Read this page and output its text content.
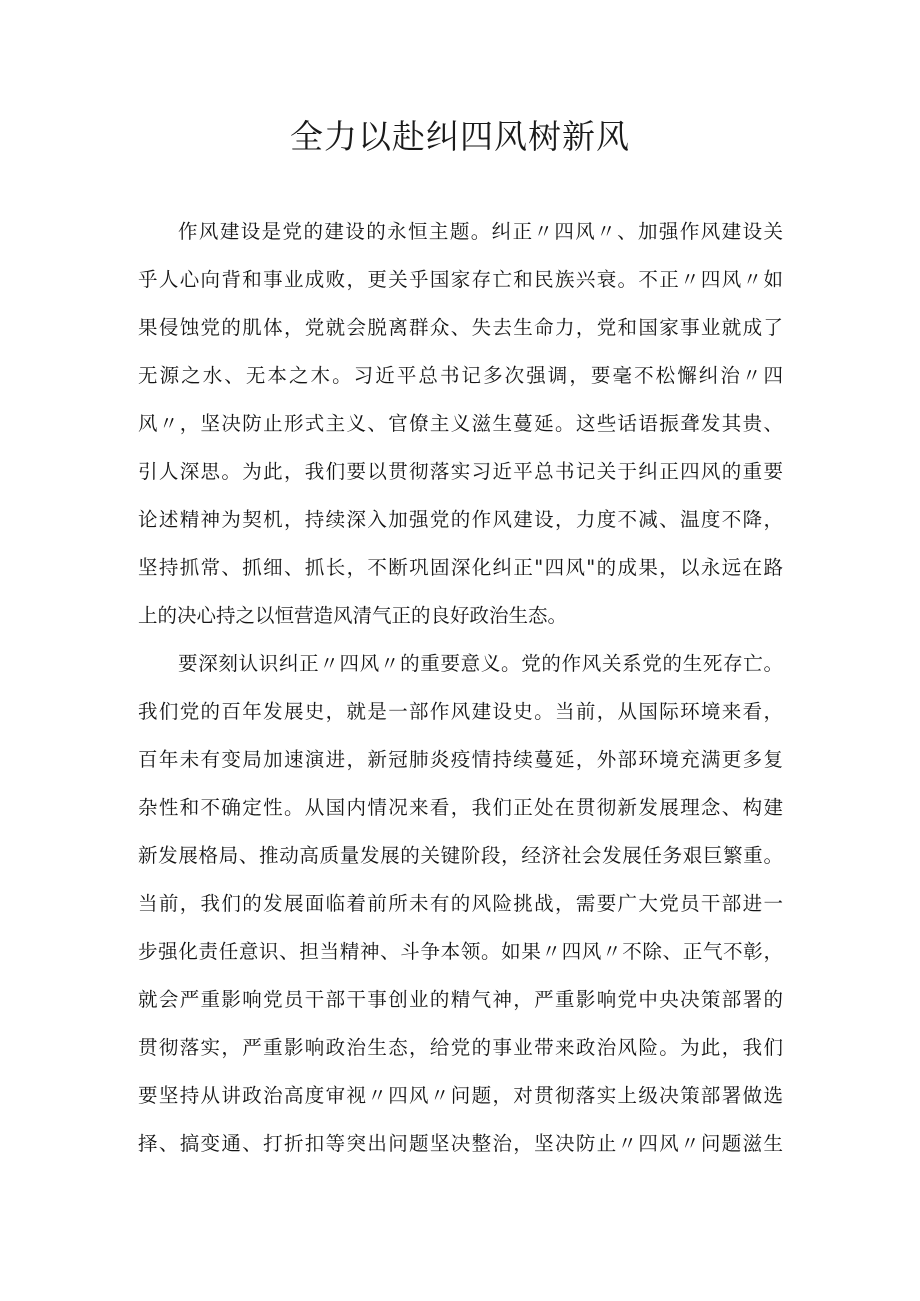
全力以赴纠四风树新风
作风建设是党的建设的永恒主题。纠正〃四风〃、加强作风建设关
乎人心向背和事业成败，更关乎国家存亡和民族兴衰。不正〃四风〃如
果侵蚀党的肌体，党就会脱离群众、失去生命力，党和国家事业就成了
无源之水、无本之木。习近平总书记多次强调，要毫不松懈纠治〃四
风〃，坚决防止形式主义、官僚主义滋生蔓延。这些话语振聋发其贵、
引人深思。为此，我们要以贯彻落实习近平总书记关于纠正四风的重要
论述精神为契机，持续深入加强党的作风建设，力度不减、温度不降，
坚持抓常、抓细、抓长，不断巩固深化纠正"四风"的成果，以永远在路
上的决心持之以恒营造风清气正的良好政治生态。
要深刻认识纠正〃四风〃的重要意义。党的作风关系党的生死存亡。
我们党的百年发展史，就是一部作风建设史。当前，从国际环境来看，
百年未有变局加速演进，新冠肺炎疫情持续蔓延，外部环境充满更多复
杂性和不确定性。从国内情况来看，我们正处在贯彻新发展理念、构建
新发展格局、推动高质量发展的关键阶段，经济社会发展任务艰巨繁重。
当前，我们的发展面临着前所未有的风险挑战，需要广大党员干部进一
步强化责任意识、担当精神、斗争本领。如果〃四风〃不除、正气不彰，
就会严重影响党员干部干事创业的精气神，严重影响党中央决策部署的
贯彻落实，严重影响政治生态，给党的事业带来政治风险。为此，我们
要坚持从讲政治高度审视〃四风〃问题，对贯彻落实上级决策部署做选
择、搞变通、打折扣等突出问题坚决整治，坚决防止〃四风〃问题滋生
